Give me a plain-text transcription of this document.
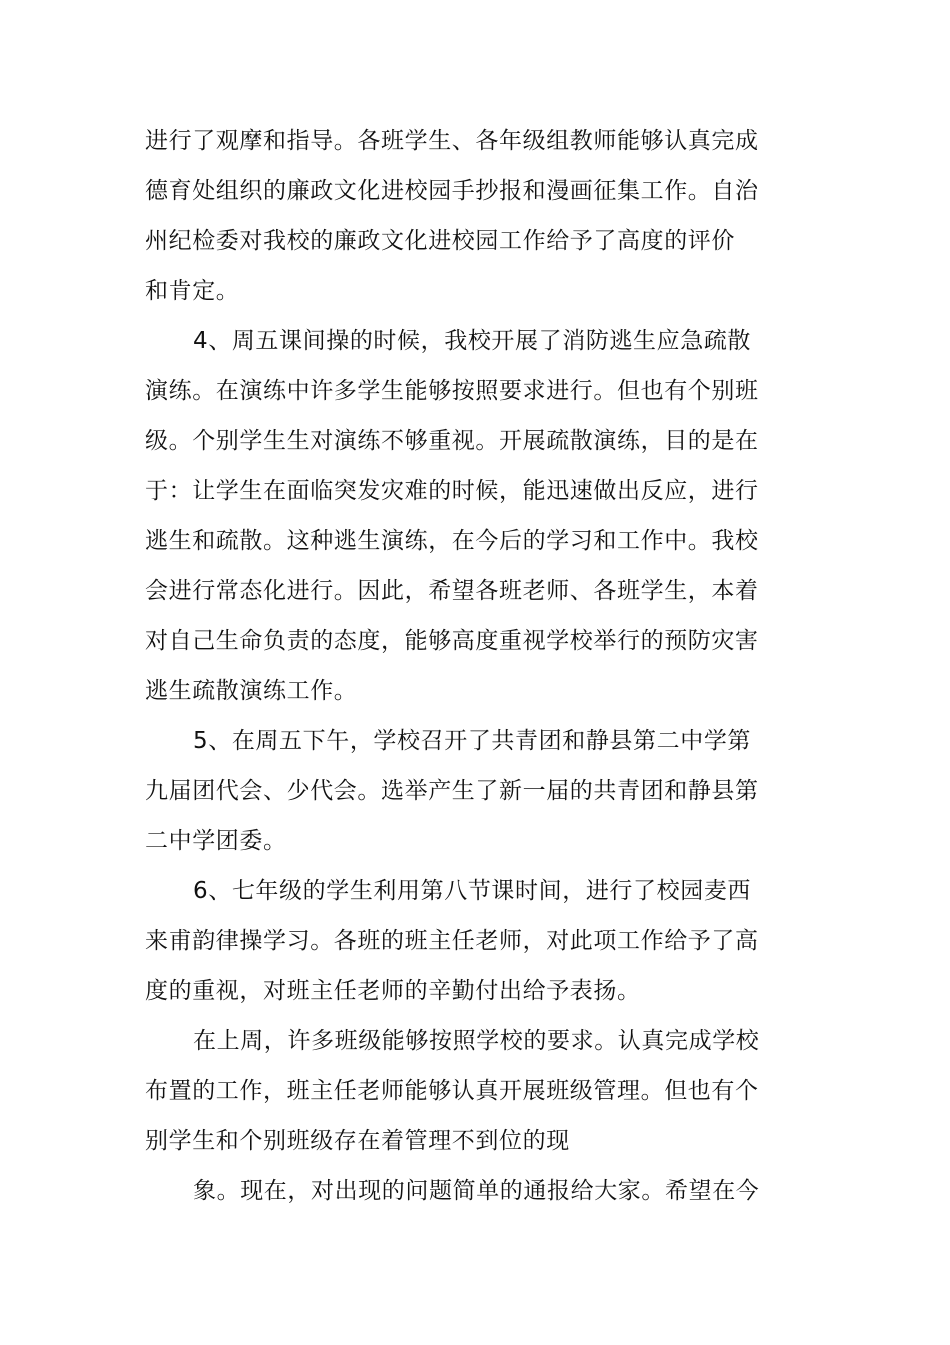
进行了观摩和指导。各班学生、各年级组教师能够认真完成
德育处组织的廉政文化进校园手抄报和漫画征集工作。自治
州纪检委对我校的廉政文化进校园工作给予了高度的评价
和肯定。
4、周五课间操的时候，我校开展了消防逃生应急疏散
演练。在演练中许多学生能够按照要求进行。但也有个别班
级。个别学生生对演练不够重视。开展疏散演练，目的是在
于：让学生在面临突发灾难的时候，能迅速做出反应，进行
逃生和疏散。这种逃生演练，在今后的学习和工作中。我校
会进行常态化进行。因此，希望各班老师、各班学生，本着
对自己生命负责的态度，能够高度重视学校举行的预防灾害
逃生疏散演练工作。
5、在周五下午，学校召开了共青团和静县第二中学第
九届团代会、少代会。选举产生了新一届的共青团和静县第
二中学团委。
6、七年级的学生利用第八节课时间，进行了校园麦西
来甫韵律操学习。各班的班主任老师，对此项工作给予了高
度的重视，对班主任老师的辛勤付出给予表扬。
在上周，许多班级能够按照学校的要求。认真完成学校
布置的工作，班主任老师能够认真开展班级管理。但也有个
别学生和个别班级存在着管理不到位的现
象。现在，对出现的问题简单的通报给大家。希望在今
